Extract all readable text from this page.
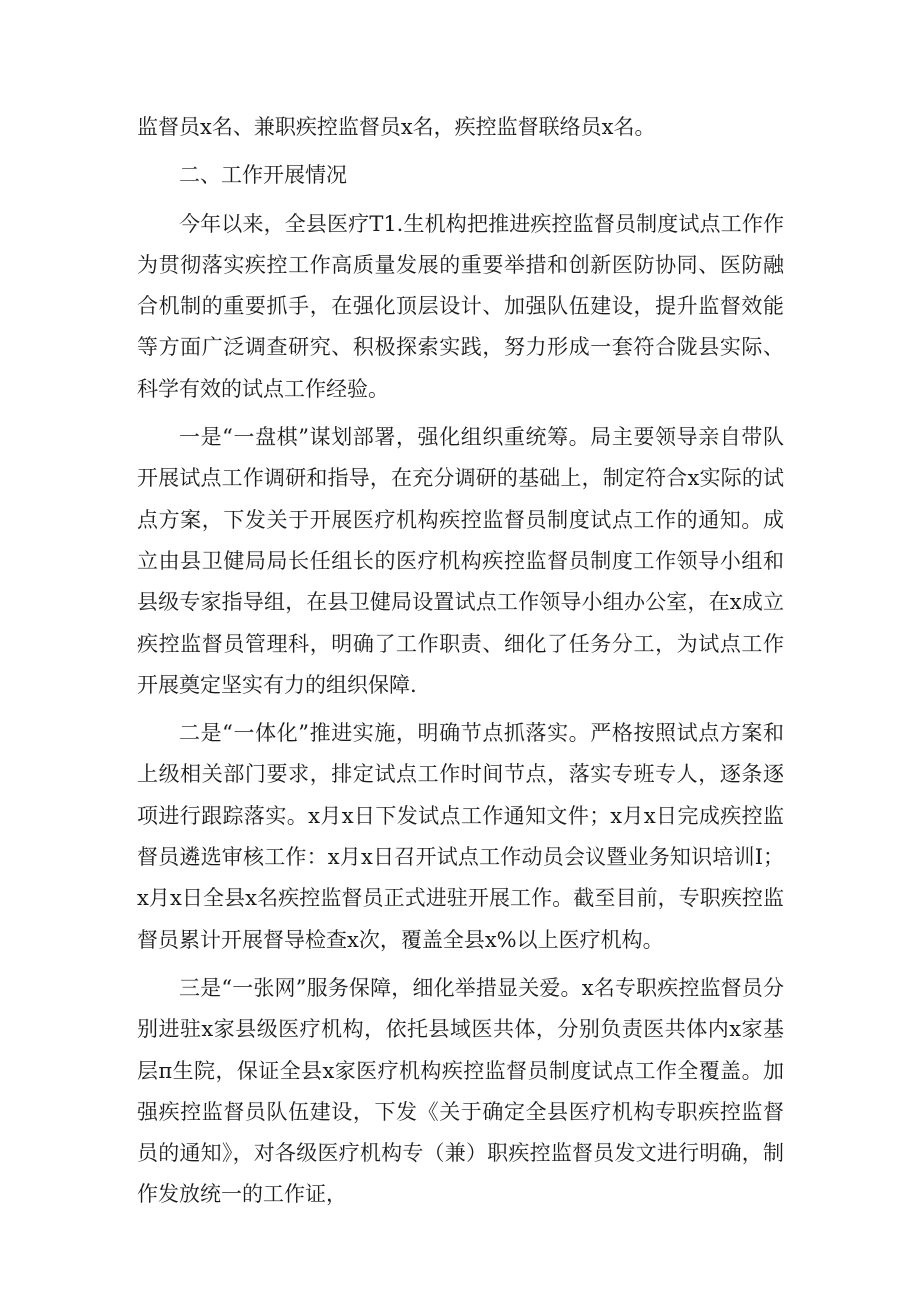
监督员x名、兼职疾控监督员x名，疾控监督联络员x名。

二、工作开展情况

今年以来，全县医疗T1.生机构把推进疾控监督员制度试点工作作为贯彻落实疾控工作高质量发展的重要举措和创新医防协同、医防融合机制的重要抓手，在强化顶层设计、加强队伍建设，提升监督效能等方面广泛调查研究、积极探索实践，努力形成一套符合陇县实际、科学有效的试点工作经验。

一是“一盘棋”谋划部署，强化组织重统筹。局主要领导亲自带队开展试点工作调研和指导，在充分调研的基础上，制定符合x实际的试点方案，下发关于开展医疗机构疾控监督员制度试点工作的通知。成立由县卫健局局长任组长的医疗机构疾控监督员制度工作领导小组和县级专家指导组，在县卫健局设置试点工作领导小组办公室，在x成立疾控监督员管理科，明确了工作职责、细化了任务分工，为试点工作开展奠定坚实有力的组织保障.

二是“一体化”推进实施，明确节点抓落实。严格按照试点方案和上级相关部门要求，排定试点工作时间节点，落实专班专人，逐条逐项进行跟踪落实。x月x日下发试点工作通知文件；x月x日完成疾控监督员遴选审核工作：x月x日召开试点工作动员会议暨业务知识培训I；x月x日全县x名疾控监督员正式进驻开展工作。截至目前，专职疾控监督员累计开展督导检查x次，覆盖全县x%以上医疗机构。

三是“一张网”服务保障，细化举措显关爱。x名专职疾控监督员分别进驻x家县级医疗机构，依托县域医共体，分别负责医共体内x家基层π生院，保证全县x家医疗机构疾控监督员制度试点工作全覆盖。加强疾控监督员队伍建设，下发《关于确定全县医疗机构专职疾控监督员的通知》，对各级医疗机构专（兼）职疾控监督员发文进行明确，制作发放统一的工作证，
